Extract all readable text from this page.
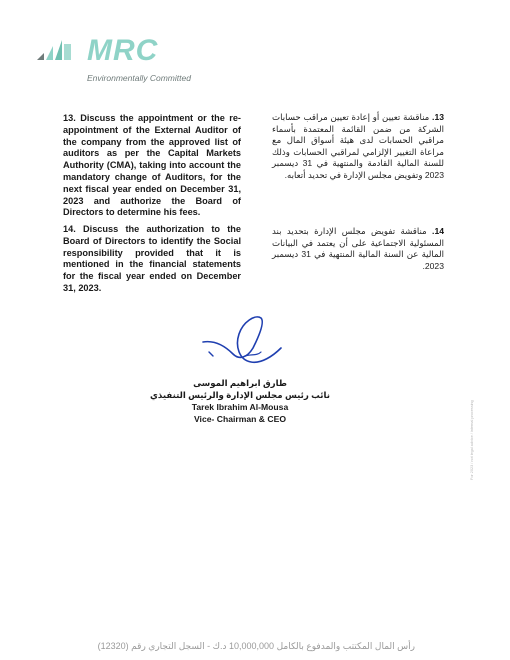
MRC
Environmentally Committed
13. Discuss the appointment or the re-appointment of the External Auditor of the company from the approved list of auditors as per the Capital Markets Authority (CMA), taking into account the mandatory change of Auditors, for the next fiscal year ended on December 31, 2023 and authorize the Board of Directors to determine his fees.
13. مناقشة تعيين أو إعادة تعيين مراقب حسابات الشركة من ضمن القائمة المعتمدة بأسماء مراقبي الحسابات لدى هيئة أسواق المال مع مراعاة التغيير الإلزامي لمراقبي الحسابات وذلك للسنة المالية القادمة والمنتهية في 31 ديسمبر 2023 وتفويض مجلس الإدارة في تحديد أتعابه.
14. Discuss the authorization to the Board of Directors to identify the Social responsibility provided that it is mentioned in the financial statements for the fiscal year ended on December 31, 2023.
14. مناقشة تفويض مجلس الإدارة بتحديد بند المسئولية الاجتماعية على أن يعتمد في البيانات المالية عن السنة المالية المنتهية في 31 ديسمبر 2023.
طارق ابراهيم الموسى
نائب رئيس مجلس الإدارة والرئيس التنفيذي
Tarek Ibrahim Al-Mousa
Vice- Chairman & CEO	For 2023 / not legal advice / internal processing
رأس المال المكتتب والمدفوع بالكامل 10,000,000 د.ك - السجل التجاري رقم (12320)
